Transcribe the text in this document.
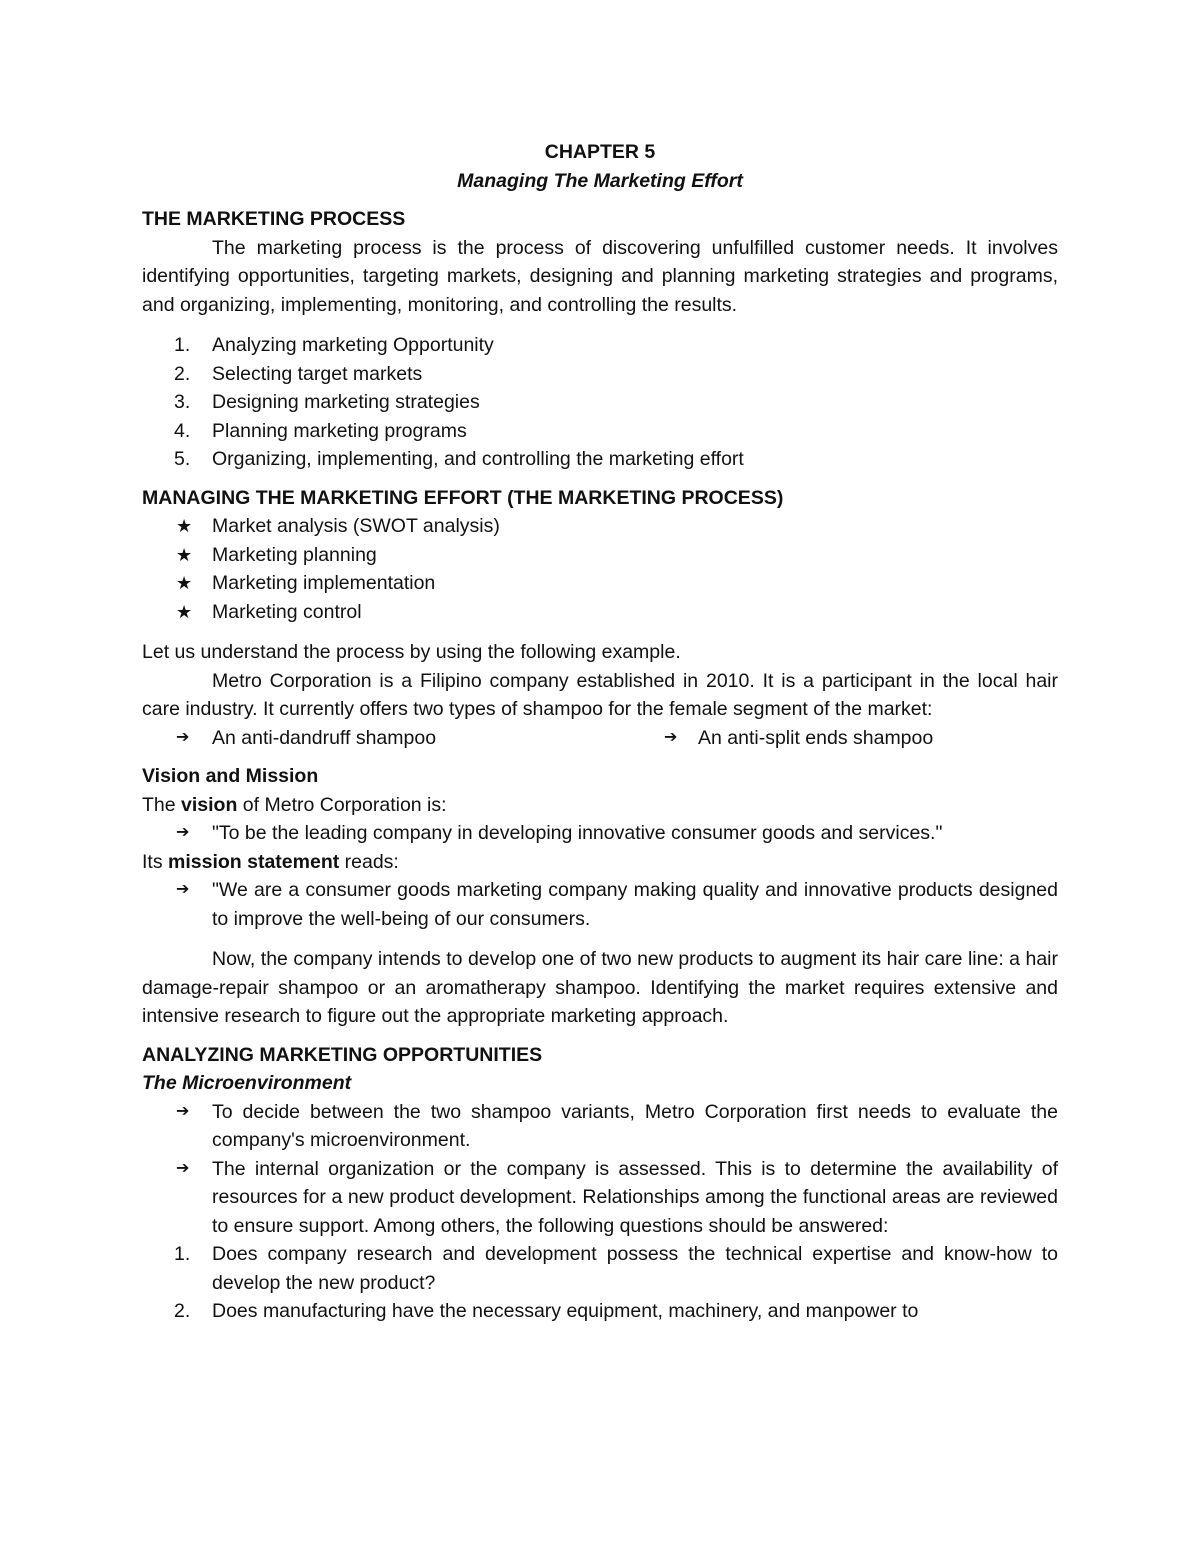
CHAPTER 5

Managing The Marketing Effort

THE MARKETING PROCESS

The marketing process is the process of discovering unfulfilled customer needs. It involves identifying opportunities, targeting markets, designing and planning marketing strategies and programs, and organizing, implementing, monitoring, and controlling the results.

1.	Analyzing marketing Opportunity
2.	Selecting target markets
3.	Designing marketing strategies
4.	Planning marketing programs
5.	Organizing, implementing, and controlling the marketing effort

MANAGING THE MARKETING EFFORT (THE MARKETING PROCESS)

★	Market analysis (SWOT analysis)
★	Marketing planning
★	Marketing implementation
★	Marketing control

Let us understand the process by using the following example.

Metro Corporation is a Filipino company established in 2010. It is a participant in the local hair care industry. It currently offers two types of shampoo for the female segment of the market:

➔ An anti-dandruff shampoo	➔ An anti-split ends shampoo

Vision and Mission

The vision of Metro Corporation is:

➔	"To be the leading company in developing innovative consumer goods and services."

Its mission statement reads:

➔	"We are a consumer goods marketing company making quality and innovative products designed to improve the well-being of our consumers.

Now, the company intends to develop one of two new products to augment its hair care line: a hair damage-repair shampoo or an aromatherapy shampoo. Identifying the market requires extensive and intensive research to figure out the appropriate marketing approach.

ANALYZING MARKETING OPPORTUNITIES

The Microenvironment

➔	To decide between the two shampoo variants, Metro Corporation first needs to evaluate the company's microenvironment.
➔	The internal organization or the company is assessed. This is to determine the availability of resources for a new product development. Relationships among the functional areas are reviewed to ensure support. Among others, the following questions should be answered:
1.	Does company research and development possess the technical expertise and know-how to develop the new product?
2.	Does manufacturing have the necessary equipment, machinery, and manpower to
